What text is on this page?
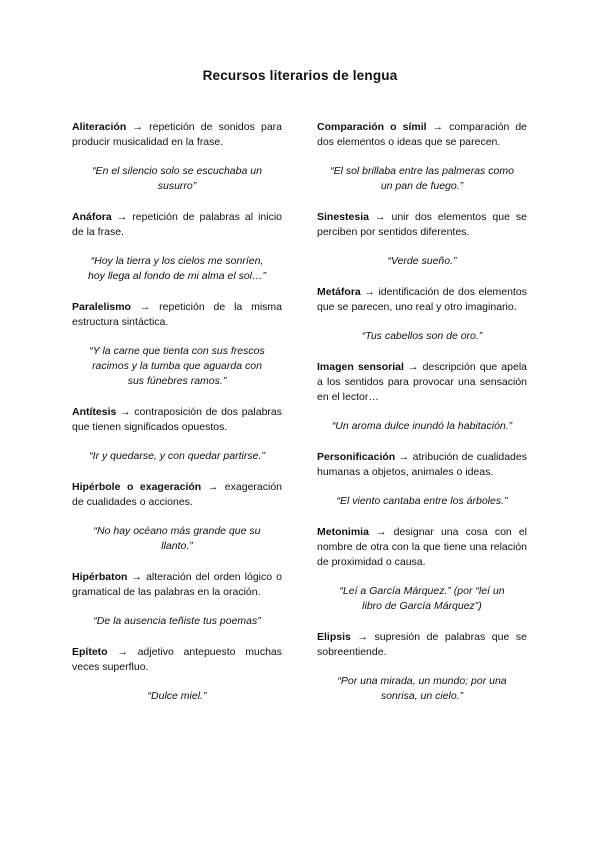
Recursos literarios de lengua

Aliteración → repetición de sonidos para producir musicalidad en la frase.

“En el silencio solo se escuchaba un susurro”

Anáfora → repetición de palabras al inicio de la frase.

“Hoy la tierra y los cielos me sonríen, hoy llega al fondo de mi alma el sol…”

Paralelismo → repetición de la misma estructura sintáctica.

“Y la carne que tienta con sus frescos racimos y la tumba que aguarda con sus fúnebres ramos.”

Antítesis → contraposición de dos palabras que tienen significados opuestos.

“Ir y quedarse, y con quedar partirse.”

Hipérbole o exageración → exageración de cualidades o acciones.

“No hay océano más grande que su llanto.”

Hipérbaton → alteración del orden lógico o gramatical de las palabras en la oración.

“De la ausencia teñiste tus poemas”

Epíteto → adjetivo antepuesto muchas veces superfluo.

“Dulce miel.”

Comparación o símil → comparación de dos elementos o ideas que se parecen.

“El sol brillaba entre las palmeras como un pan de fuego.”

Sinestesia → unir dos elementos que se perciben por sentidos diferentes.

“Verde sueño.”

Metáfora → identificación de dos elementos que se parecen, uno real y otro imaginario.

“Tus cabellos son de oro.”

Imagen sensorial → descripción que apela a los sentidos para provocar una sensación en el lector…

“Un aroma dulce inundó la habitación.”

Personificación → atribución de cualidades humanas a objetos, animales o ideas.

“El viento cantaba entre los árboles.”

Metonimia → designar una cosa con el nombre de otra con la que tiene una relación de proximidad o causa.

“Leí a García Márquez.” (por “leí un libro de García Márquez”)

Elipsis → supresión de palabras que se sobreentiende.

“Por una mirada, un mundo; por una sonrisa, un cielo.”
